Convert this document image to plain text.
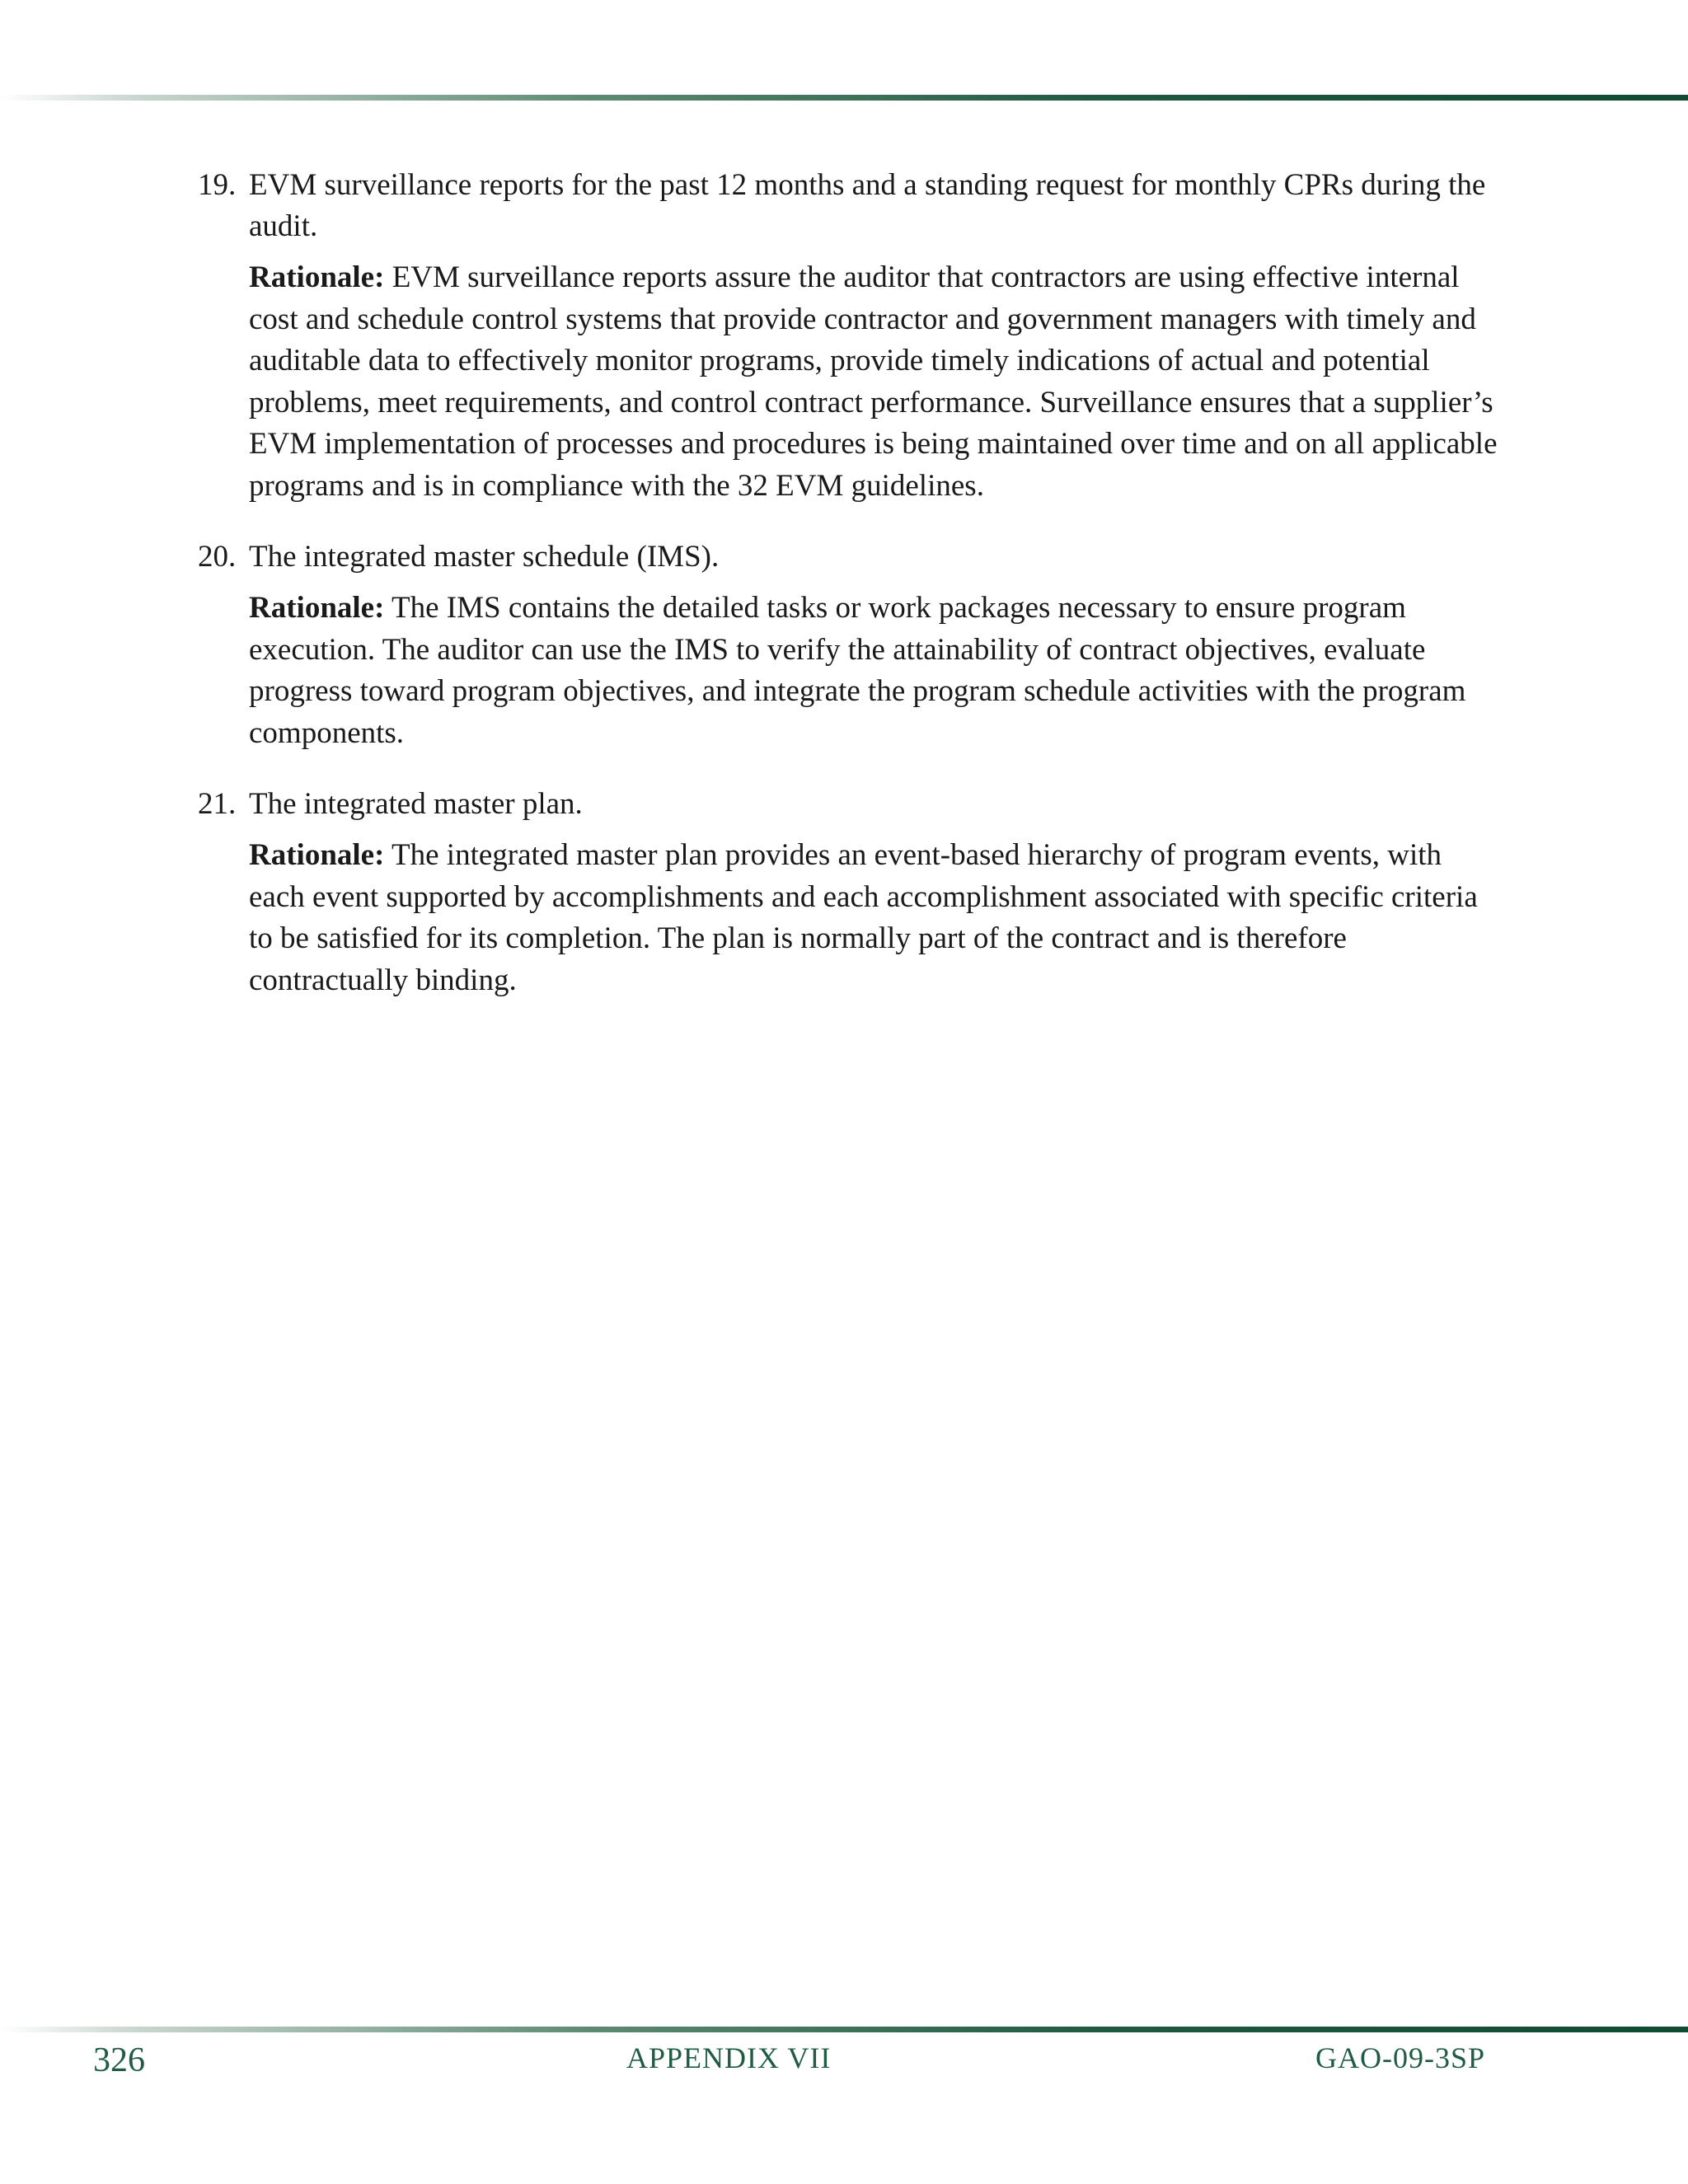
19. EVM surveillance reports for the past 12 months and a standing request for monthly CPRs during the audit.
Rationale: EVM surveillance reports assure the auditor that contractors are using effective internal cost and schedule control systems that provide contractor and government managers with timely and auditable data to effectively monitor programs, provide timely indications of actual and potential problems, meet requirements, and control contract performance. Surveillance ensures that a supplier’s EVM implementation of processes and procedures is being maintained over time and on all applicable programs and is in compliance with the 32 EVM guidelines.
20. The integrated master schedule (IMS).
Rationale: The IMS contains the detailed tasks or work packages necessary to ensure program execution. The auditor can use the IMS to verify the attainability of contract objectives, evaluate progress toward program objectives, and integrate the program schedule activities with the program components.
21. The integrated master plan.
Rationale: The integrated master plan provides an event-based hierarchy of program events, with each event supported by accomplishments and each accomplishment associated with specific criteria to be satisfied for its completion. The plan is normally part of the contract and is therefore contractually binding.
326	APPENDIX VII	GAO-09-3SP
